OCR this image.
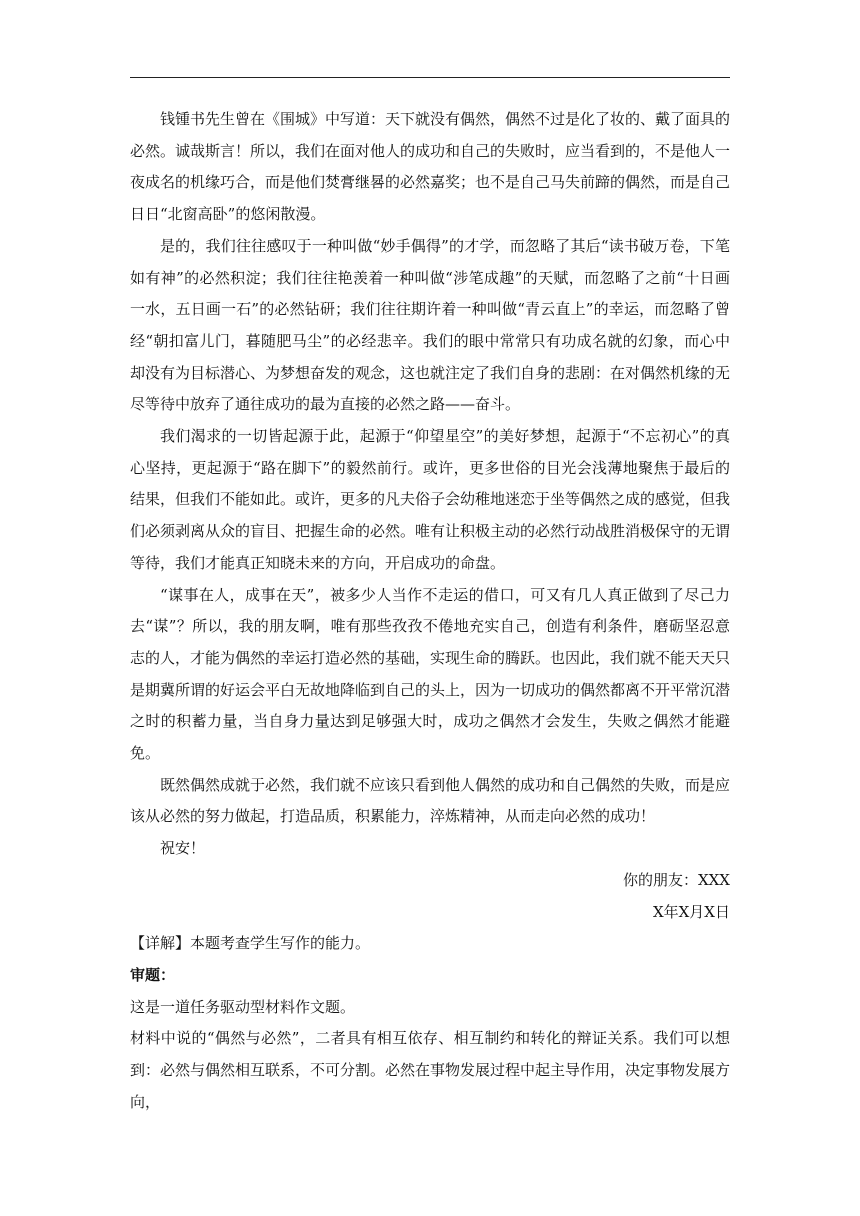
钱锺书先生曾在《围城》中写道：天下就没有偶然，偶然不过是化了妆的、戴了面具的必然。诚哉斯言！所以，我们在面对他人的成功和自己的失败时，应当看到的，不是他人一夜成名的机缘巧合，而是他们焚膏继晷的必然嘉奖；也不是自己马失前蹄的偶然，而是自己日日“北窗高卧”的悠闲散漫。

是的，我们往往感叹于一种叫做“妙手偶得”的才学，而忽略了其后“读书破万卷，下笔如有神”的必然积淀；我们往往艳羡着一种叫做“涉笔成趣”的天赋，而忽略了之前“十日画一水，五日画一石”的必然钻研；我们往往期许着一种叫做“青云直上”的幸运，而忽略了曾经“朝扣富儿门，暮随肥马尘”的必经悲辛。我们的眼中常常只有功成名就的幻象，而心中却没有为目标潜心、为梦想奋发的观念，这也就注定了我们自身的悲剧：在对偶然机缘的无尽等待中放弃了通往成功的最为直接的必然之路——奋斗。

我们渴求的一切皆起源于此，起源于“仰望星空”的美好梦想，起源于“不忘初心”的真心坚持，更起源于“路在脚下”的毅然前行。或许，更多世俗的目光会浅薄地聚焦于最后的结果，但我们不能如此。或许，更多的凡夫俗子会幼稚地迷恋于坐等偶然之成的感觉，但我们必须剥离从众的盲目、把握生命的必然。唯有让积极主动的必然行动战胜消极保守的无谓等待，我们才能真正知晓未来的方向，开启成功的命盘。

“谋事在人，成事在天”，被多少人当作不走运的借口，可又有几人真正做到了尽己力去“谋”？所以，我的朋友啊，唯有那些孜孜不倦地充实自己，创造有利条件，磨砺坚忍意志的人，才能为偶然的幸运打造必然的基础，实现生命的腾跃。也因此，我们就不能天天只是期冀所谓的好运会平白无故地降临到自己的头上，因为一切成功的偶然都离不开平常沉潜之时的积蓄力量，当自身力量达到足够强大时，成功之偶然才会发生，失败之偶然才能避免。

既然偶然成就于必然，我们就不应该只看到他人偶然的成功和自己偶然的失败，而是应该从必然的努力做起，打造品质，积累能力，淬炼精神，从而走向必然的成功！

祝安！

你的朋友：XXX

X年X月X日

【详解】本题考查学生写作的能力。

审题：

这是一道任务驱动型材料作文题。

材料中说的“偶然与必然”，二者具有相互依存、相互制约和转化的辩证关系。我们可以想到：必然与偶然相互联系，不可分割。必然在事物发展过程中起主导作用，决定事物发展方向，
